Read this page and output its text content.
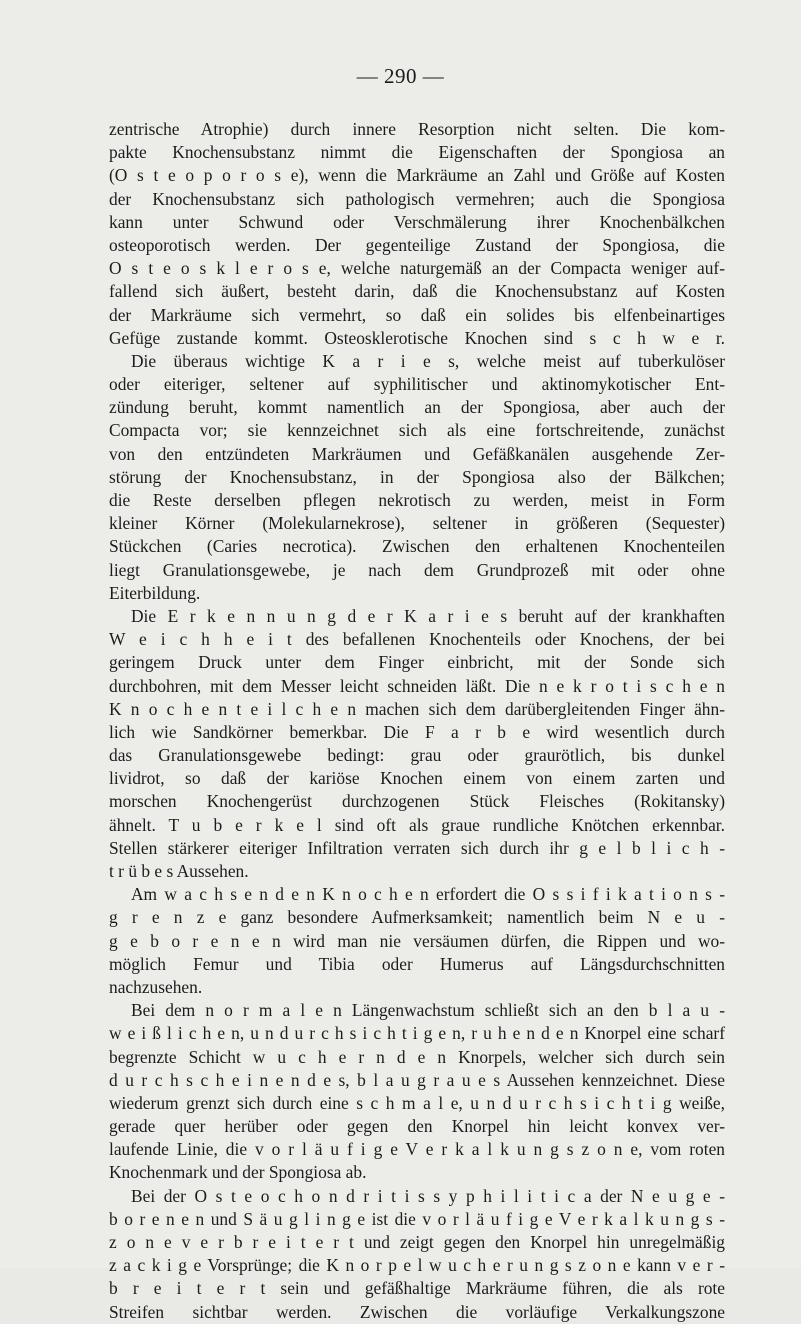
— 290 —
zentrische Atrophie) durch innere Resorption nicht selten. Die kom-
pakte Knochensubstanz nimmt die Eigenschaften der Spongiosa an
(O s t e o p o r o s e), wenn die Markräume an Zahl und Größe auf Kosten
der Knochensubstanz sich pathologisch vermehren; auch die Spongiosa
kann unter Schwund oder Verschmälerung ihrer Knochenbälkchen
osteoporotisch werden. Der gegenteilige Zustand der Spongiosa, die
O s t e o s k l e r o s e, welche naturgemäß an der Compacta weniger auf-
fallend sich äußert, besteht darin, daß die Knochensubstanz auf Kosten
der Markräume sich vermehrt, so daß ein solides bis elfenbeinartiges
Gefüge zustande kommt. Osteosklerotische Knochen sind s c h w e r.
Die überaus wichtige K a r i e s, welche meist auf tuberkulöser
oder eiteriger, seltener auf syphilitischer und aktinomykotischer Ent-
zündung beruht, kommt namentlich an der Spongiosa, aber auch der
Compacta vor; sie kennzeichnet sich als eine fortschreitende, zunächst
von den entzündeten Markräumen und Gefäßkanälen ausgehende Zer-
störung der Knochensubstanz, in der Spongiosa also der Bälkchen;
die Reste derselben pflegen nekrotisch zu werden, meist in Form
kleiner Körner (Molekularnekrose), seltener in größeren (Sequester)
Stückchen (Caries necrotica). Zwischen den erhaltenen Knochenteilen
liegt Granulationsgewebe, je nach dem Grundprozeß mit oder ohne
Eiterbildung.
Die E r k e n n u n g d e r K a r i e s beruht auf der krankhaften
W e i c h h e i t des befallenen Knochenteils oder Knochens, der bei
geringem Druck unter dem Finger einbricht, mit der Sonde sich
durchbohren, mit dem Messer leicht schneiden läßt. Die n e k r o t i s c h e n
K n o c h e n t e i l c h e n machen sich dem darübergleitenden Finger ähn-
lich wie Sandkörner bemerkbar. Die F a r b e wird wesentlich durch
das Granulationsgewebe bedingt: grau oder graurötlich, bis dunkel
lividrot, so daß der kariöse Knochen einem von einem zarten und
morschen Knochengerüst durchzogenen Stück Fleisches (Rokitansky)
ähnelt. T u b e r k e l sind oft als graue rundliche Knötchen erkennbar.
Stellen stärkerer eiteriger Infiltration verraten sich durch ihr g e l b l i c h -
t r ü b e s Aussehen.
Am w a c h s e n d e n K n o c h e n erfordert die O s s i f i k a t i o n s -
g r e n z e ganz besondere Aufmerksamkeit; namentlich beim N e u -
g e b o r e n e n wird man nie versäumen dürfen, die Rippen und wo-
möglich Femur und Tibia oder Humerus auf Längsdurchschnitten
nachzusehen.
Bei dem n o r m a l e n Längenwachstum schließt sich an den b l a u -
w e i ß l i c h e n, u n d u r c h s i c h t i g e n, r u h e n d e n Knorpel eine scharf
begrenzte Schicht w u c h e r n d e n Knorpels, welcher sich durch sein
d u r c h s c h e i n e n d e s, b l a u g r a u e s Aussehen kennzeichnet. Diese
wiederum grenzt sich durch eine s c h m a l e, u n d u r c h s i c h t i g weiße,
gerade quer herüber oder gegen den Knorpel hin leicht konvex ver-
laufende Linie, die v o r l ä u f i g e V e r k a l k u n g s z o n e, vom roten
Knochenmark und der Spongiosa ab.
Bei der O s t e o c h o n d r i t i s s y p h i l i t i c a der N e u g e -
b o r e n e n und S ä u g l i n g e ist die v o r l ä u f i g e V e r k a l k u n g s -
z o n e v e r b r e i t e r t und zeigt gegen den Knorpel hin unregelmäßig
z a c k i g e Vorsprünge; die K n o r p e l w u c h e r u n g s z o n e kann v e r -
b r e i t e r t sein und gefäßhaltige Markräume führen, die als rote
Streifen sichtbar werden. Zwischen die vorläufige Verkalkungszone
